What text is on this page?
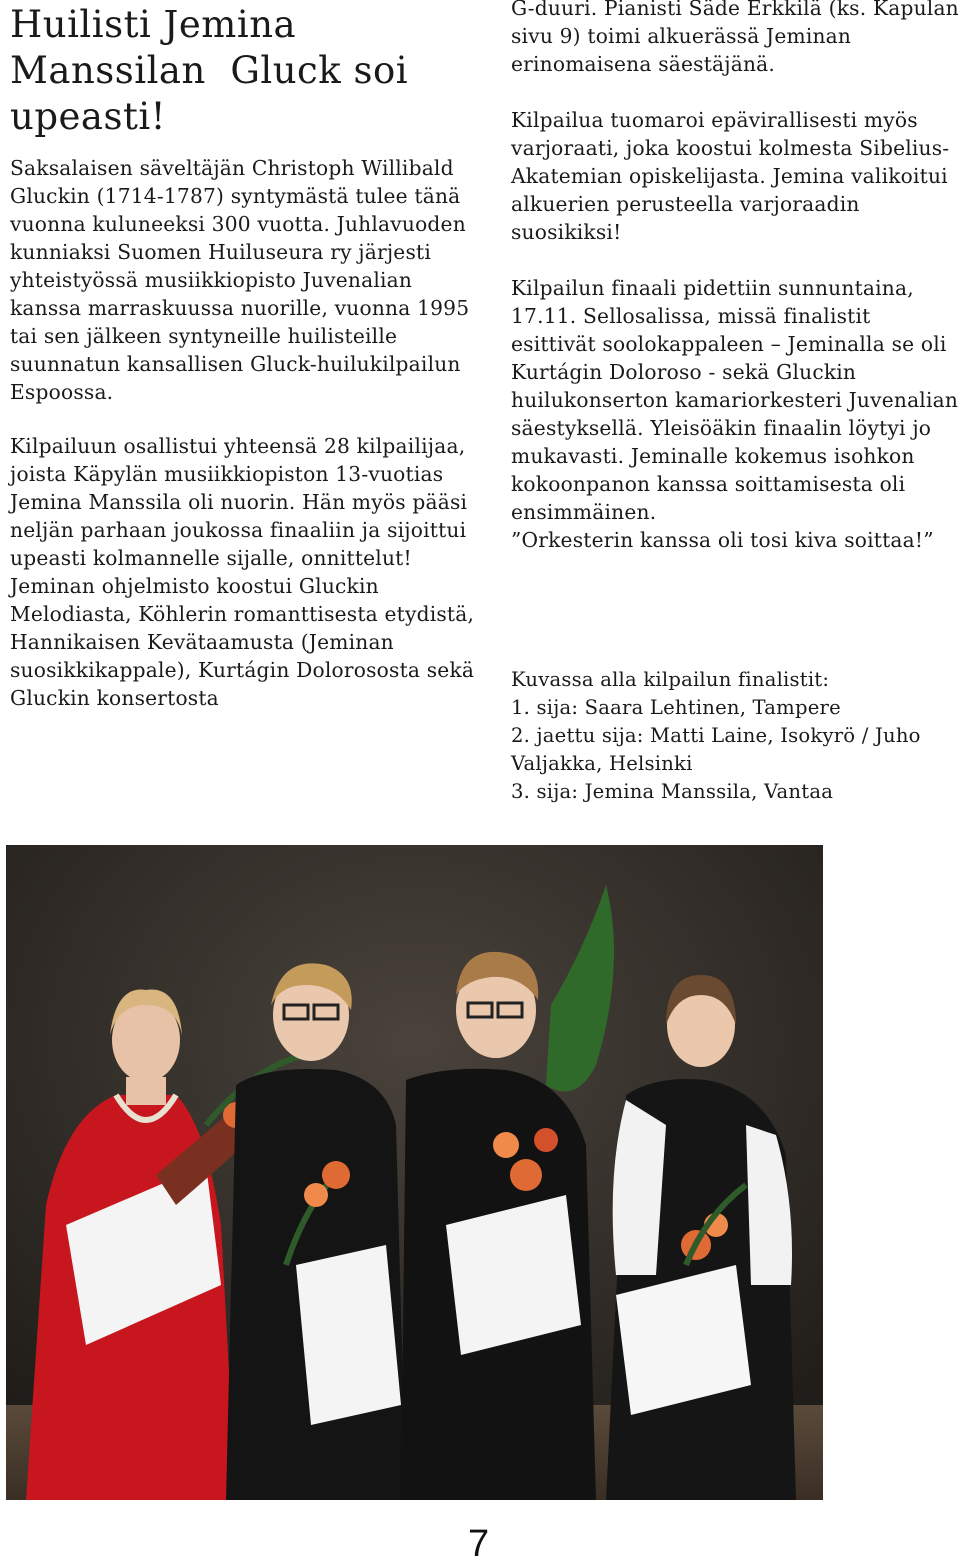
Huilisti Jemina
Manssilan  Gluck soi
upeasti!

Saksalaisen säveltäjän Christoph Willibald Gluckin (1714-1787) syntymästä tulee tänä vuonna kuluneeksi 300 vuotta. Juhlavuoden kunniaksi Suomen Huiluseura ry järjesti yhteistyössä musiikkiopisto Juvenalian kanssa marraskuussa nuorille, vuonna 1995 tai sen jälkeen syntyneille huilisteille suunnatun kansallisen Gluck-huilukilpailun Espoossa.

Kilpailuun osallistui yhteensä 28 kilpailijaa, joista Käpylän musiikkiopiston 13-vuotias Jemina Manssila oli nuorin. Hän myös pääsi neljän parhaan joukossa finaaliin ja sijoittui upeasti kolmannelle sijalle, onnittelut!

Jeminan ohjelmisto koostui Gluckin Melodiasta, Köhlerin romanttisesta etydistä, Hannikaisen Kevätaamusta (Jeminan suosikkikappale), Kurtágin Dolorososta sekä Gluckin konsertosta

G-duuri. Pianisti Säde Erkkilä (ks. Kapulan sivu 9) toimi alkuerässä Jeminan erinomaisena säestäjänä.

Kilpailua tuomaroi epävirallisesti myös varjoraati, joka koostui kolmesta Sibelius-Akatemian opiskelijasta. Jemina valikoitui alkuerien perusteella varjoraadin suosikiksi!

Kilpailun finaali pidettiin sunnuntaina, 17.11. Sellosalissa, missä finalistit esittivät soolokappaleen – Jeminalla se oli Kurtágin Doloroso - sekä Gluckin huilukonserton kamariorkesteri Juvenalian säestyksellä. Yleisöäkin finaalin löytyi jo mukavasti. Jeminalle kokemus isohkon kokoonpanon kanssa soittamisesta oli ensimmäinen.

”Orkesterin kanssa oli tosi kiva soittaa!”

Kuvassa alla kilpailun finalistit:

1. sija: Saara Lehtinen, Tampere

2. jaettu sija: Matti Laine, Isokyrö / Juho Valjakka, Helsinki

3. sija: Jemina Manssila, Vantaa

7
